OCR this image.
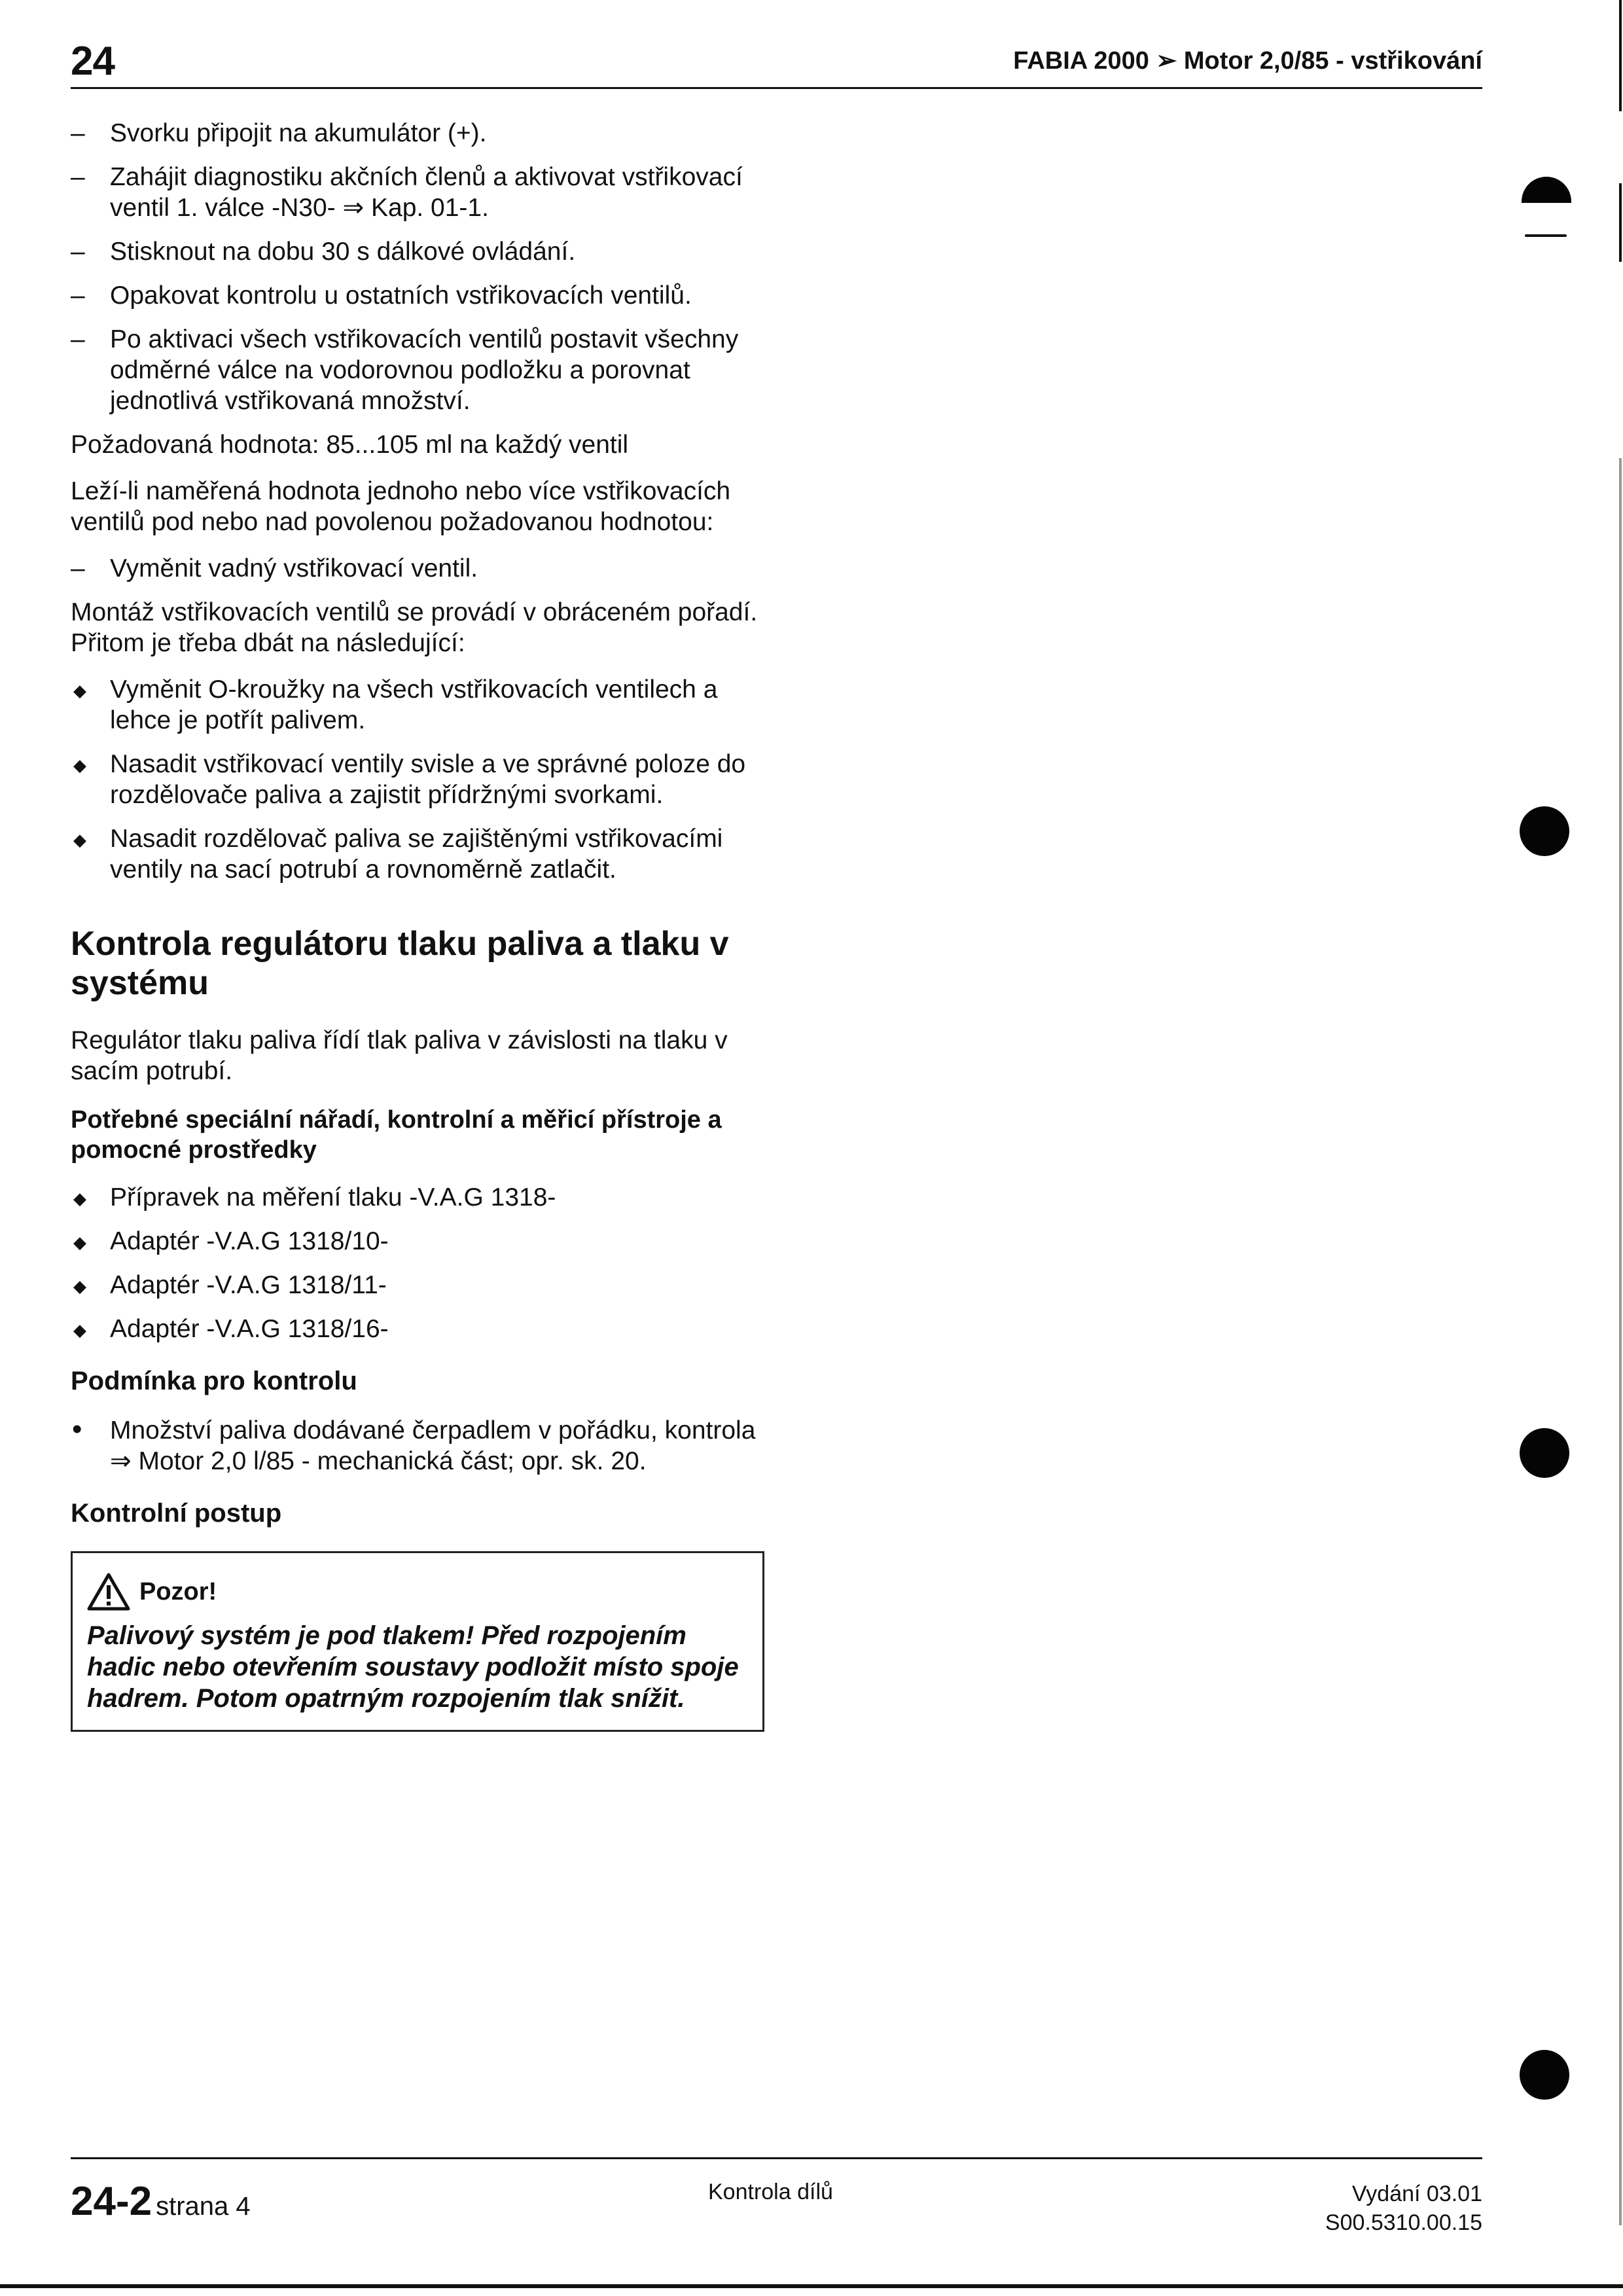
24	FABIA 2000 ➢ Motor 2,0/85 - vstřikování
– Svorku připojit na akumulátor (+).
– Zahájit diagnostiku akčních členů a aktivovat vstřikovací ventil 1. válce -N30- ⇒ Kap. 01-1.
– Stisknout na dobu 30 s dálkové ovládání.
– Opakovat kontrolu u ostatních vstřikovacích ventilů.
– Po aktivaci všech vstřikovacích ventilů postavit všechny odměrné válce na vodorovnou podložku a porovnat jednotlivá vstřikovaná množství.

Požadovaná hodnota: 85...105 ml na každý ventil

Leží-li naměřená hodnota jednoho nebo více vstřikovacích ventilů pod nebo nad povolenou požadovanou hodnotou:

– Vyměnit vadný vstřikovací ventil.

Montáž vstřikovacích ventilů se provádí v obráceném pořadí. Přitom je třeba dbát na následující:

◆ Vyměnit O-kroužky na všech vstřikovacích ventilech a lehce je potřít palivem.
◆ Nasadit vstřikovací ventily svisle a ve správné poloze do rozdělovače paliva a zajistit přídržnými svorkami.
◆ Nasadit rozdělovač paliva se zajištěnými vstřikovacími ventily na sací potrubí a rovnoměrně zatlačit.
Kontrola regulátoru tlaku paliva a tlaku v systému

Regulátor tlaku paliva řídí tlak paliva v závislosti na tlaku v sacím potrubí.

Potřebné speciální nářadí, kontrolní a měřicí přístroje a pomocné prostředky
◆ Přípravek na měření tlaku -V.A.G 1318-
◆ Adaptér -V.A.G 1318/10-
◆ Adaptér -V.A.G 1318/11-
◆ Adaptér -V.A.G 1318/16-
Podmínka pro kontrolu
•	Množství paliva dodávané čerpadlem v pořádku, kontrola ⇒ Motor 2,0 l/85 - mechanická část; opr. sk. 20.
Kontrolní postup
Pozor!
Palivový systém je pod tlakem! Před rozpojením hadic nebo otevřením soustavy podložit místo spoje hadrem. Potom opatrným rozpojením tlak snížit.
24-2 strana 4	Kontrola dílů	Vydání 03.01
S00.5310.00.15
